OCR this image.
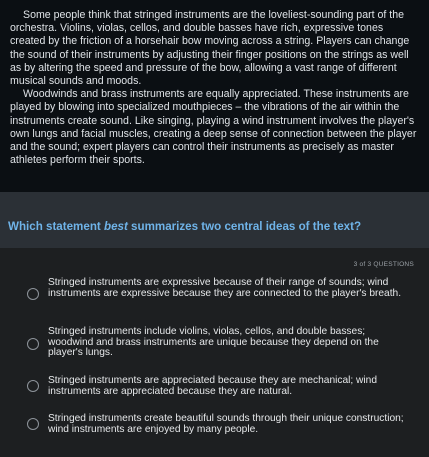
Some people think that stringed instruments are the loveliest-sounding part of the orchestra. Violins, violas, cellos, and double basses have rich, expressive tones created by the friction of a horsehair bow moving across a string. Players can change the sound of their instruments by adjusting their finger positions on the strings as well as by altering the speed and pressure of the bow, allowing a vast range of different musical sounds and moods.

Woodwinds and brass instruments are equally appreciated. These instruments are played by blowing into specialized mouthpieces – the vibrations of the air within the instruments create sound. Like singing, playing a wind instrument involves the player's own lungs and facial muscles, creating a deep sense of connection between the player and the sound; expert players can control their instruments as precisely as master athletes perform their sports.

Which statement best summarizes two central ideas of the text?
3 of 3 QUESTIONS
Stringed instruments are expressive because of their range of sounds; wind instruments are expressive because they are connected to the player's breath.
Stringed instruments include violins, violas, cellos, and double basses; woodwind and brass instruments are unique because they depend on the player's lungs.
Stringed instruments are appreciated because they are mechanical; wind instruments are appreciated because they are natural.
Stringed instruments create beautiful sounds through their unique construction; wind instruments are enjoyed by many people.
